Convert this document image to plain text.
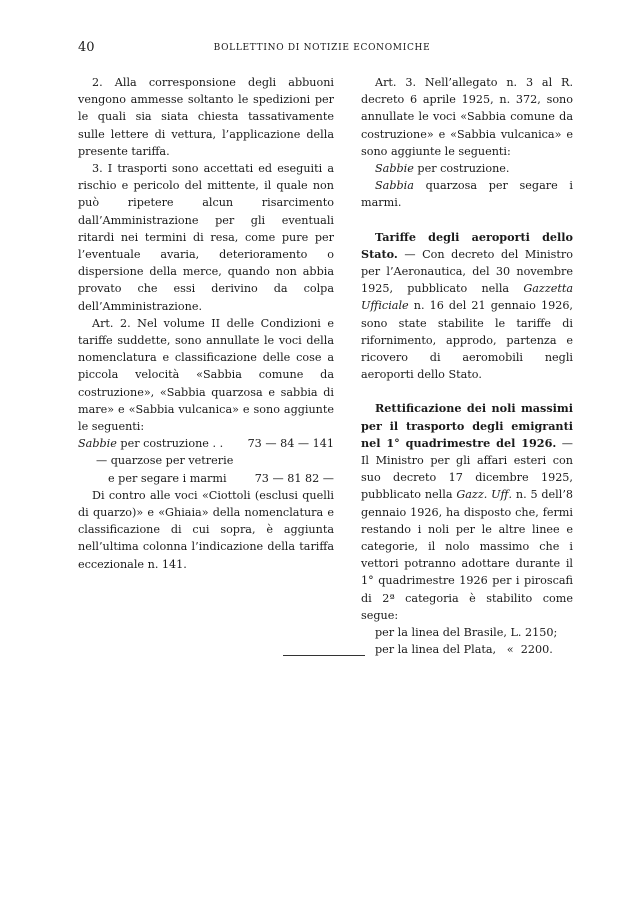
40	BOLLETTINO DI NOTIZIE ECONOMICHE

2. Alla corresponsione degli abbuoni vengono ammesse soltanto le spedizioni per le quali sia siata chiesta tassativamente sulle lettere di vettura, l’applicazione della presente tariffa.

3. I trasporti sono accettati ed eseguiti a rischio e pericolo del mittente, il quale non può ripetere alcun risarcimento dall’Amministrazione per gli eventuali ritardi nei termini di resa, come pure per l’eventuale avaria, deterioramento o dispersione della merce, quando non abbia provato che essi derivino da colpa dell’Amministrazione.

Art. 2. Nel volume II delle Condizioni e tariffe suddette, sono annullate le voci della nomenclatura e classificazione delle cose a piccola velocità «Sabbia comune da costruzione», «Sabbia quarzosa e sabbia di mare» e «Sabbia vulcanica» e sono aggiunte le seguenti:

Sabbie per costruzione . .	73 — 84 — 141
— quarzose per vetrerie	
e per segare i marmi	73 — 81 82 —

Di contro alle voci «Ciottoli (esclusi quelli di quarzo)» e «Ghiaia» della nomenclatura e classificazione di cui sopra, è aggiunta nell’ultima colonna l’indicazione della tariffa eccezionale n. 141.

Art. 3. Nell’allegato n. 3 al R. decreto 6 aprile 1925, n. 372, sono annullate le voci «Sabbia comune da costruzione» e «Sabbia vulcanica» e sono aggiunte le seguenti:

Sabbie per costruzione.

Sabbia quarzosa per segare i marmi.

Tariffe degli aeroporti dello Stato. — Con decreto del Ministro per l’Aeronautica, del 30 novembre 1925, pubblicato nella Gazzetta Ufficiale n. 16 del 21 gennaio 1926, sono state stabilite le tariffe di rifornimento, approdo, partenza e ricovero di aeromobili negli aeroporti dello Stato.

Rettificazione dei noli massimi per il trasporto degli emigranti nel 1° quadrimestre del 1926. — Il Ministro per gli affari esteri con suo decreto 17 dicembre 1925, pubblicato nella Gazz. Uff. n. 5 dell’8 gennaio 1926, ha disposto che, fermi restando i noli per le altre linee e categorie, il nolo massimo che i vettori potranno adottare durante il 1° quadrimestre 1926 per i piroscafi di 2ª categoria è stabilito come segue:

per la linea del Brasile, L. 2150;

per la linea del Plata,   «  2200.
